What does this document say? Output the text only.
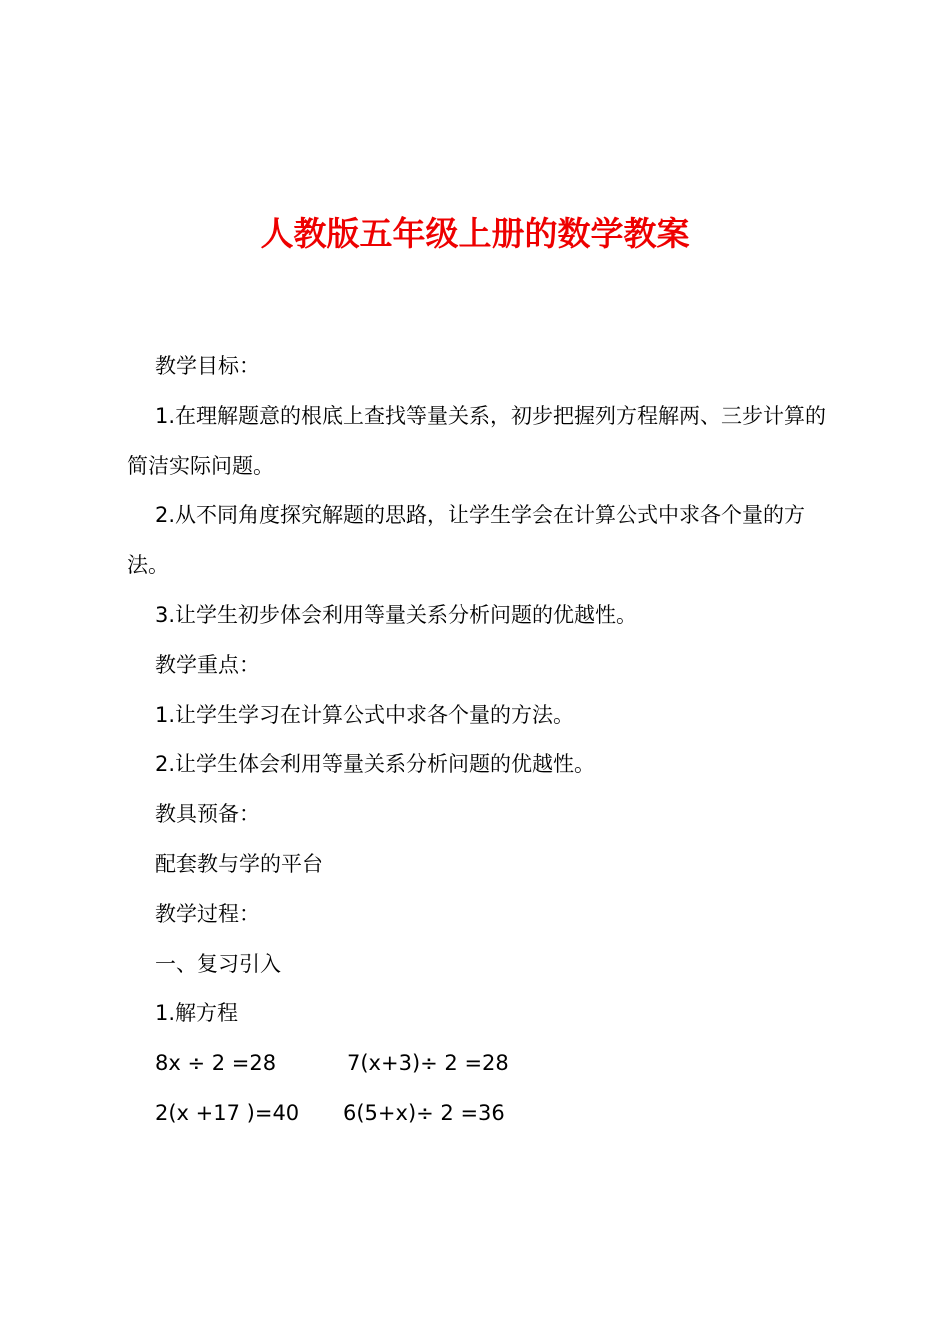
人教版五年级上册的数学教案

教学目标：

1.在理解题意的根底上查找等量关系，初步把握列方程解两、三步计算的简洁实际问题。

2.从不同角度探究解题的思路，让学生学会在计算公式中求各个量的方法。

3.让学生初步体会利用等量关系分析问题的优越性。

教学重点：

1.让学生学习在计算公式中求各个量的方法。

2.让学生体会利用等量关系分析问题的优越性。

教具预备：

配套教与学的平台

教学过程：

一、复习引入

1.解方程

8x ÷ 2 =28	7(x+3)÷ 2 =28

2(x +17 )=40 6(5+x)÷ 2 =36
